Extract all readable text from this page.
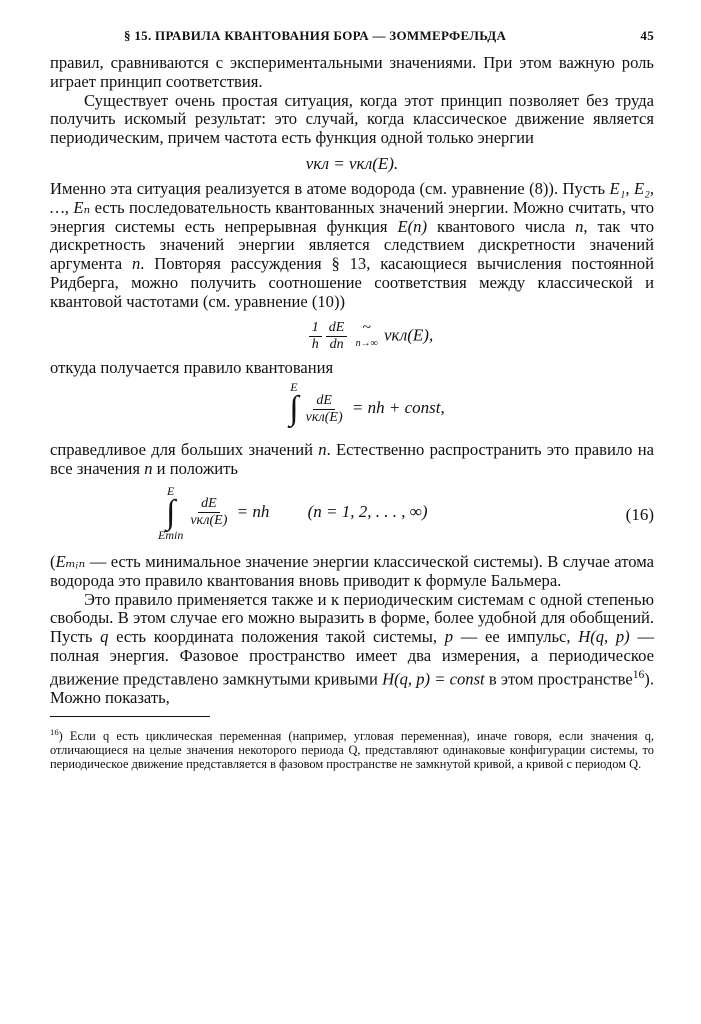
§ 15. ПРАВИЛА КВАНТОВАНИЯ БОРА — ЗОММЕРФЕЛЬДА	45

правил, сравниваются с экспериментальными значениями. При этом важную роль играет принцип соответствия.

Существует очень простая ситуация, когда этот принцип позволяет без труда получить искомый результат: это случай, когда классическое движение является периодическим, причем частота есть функция одной только энергии

νкл = νкл(E).

Именно эта ситуация реализуется в атоме водорода (см. уравнение (8)). Пусть E₁, E₂, …, Eₙ есть последовательность квантованных значений энергии. Можно считать, что энергия системы есть непрерывная функция E(n) квантового числа n, так что дискретность значений энергии является следствием дискретности значений аргумента n. Повторяя рассуждения § 13, касающиеся вычисления постоянной Ридберга, можно получить соотношение соответствия между классической и квантовой частотами (см. уравнение (10))

$\frac{1}{h} \frac{dE}{dn}$
~
n→∞ νкл(E),

откуда получается правило квантования

E
∫
$\frac{dE}{\text{νкл(E)}}$ = nh + const,

справедливое для больших значений n. Естественно распространить это правило на все значения n и положить

E
∫
Emin
$\frac{dE}{\text{νкл(E)}}$ = nh (n = 1, 2, . . . , ∞)	(16)

(Eₘᵢₙ — есть минимальное значение энергии классической системы). В случае атома водорода это правило квантования вновь приводит к формуле Бальмера.

Это правило применяется также и к периодическим системам с одной степенью свободы. В этом случае его можно выразить в форме, более удобной для обобщений. Пусть q есть координата положения такой системы, p — ее импульс, H(q, p) — полная энергия. Фазовое пространство имеет два измерения, а периодическое движение представлено замкнутыми кривыми H(q, p) = const в этом пространстве$^{16}$). Можно показать,

$^{16}$) Если q есть циклическая переменная (например, угловая переменная), иначе говоря, если значения q, отличающиеся на целые значения некоторого периода Q, представляют одинаковые конфигурации системы, то периодическое движение представляется в фазовом пространстве не замкнутой кривой, а кривой с периодом Q.
